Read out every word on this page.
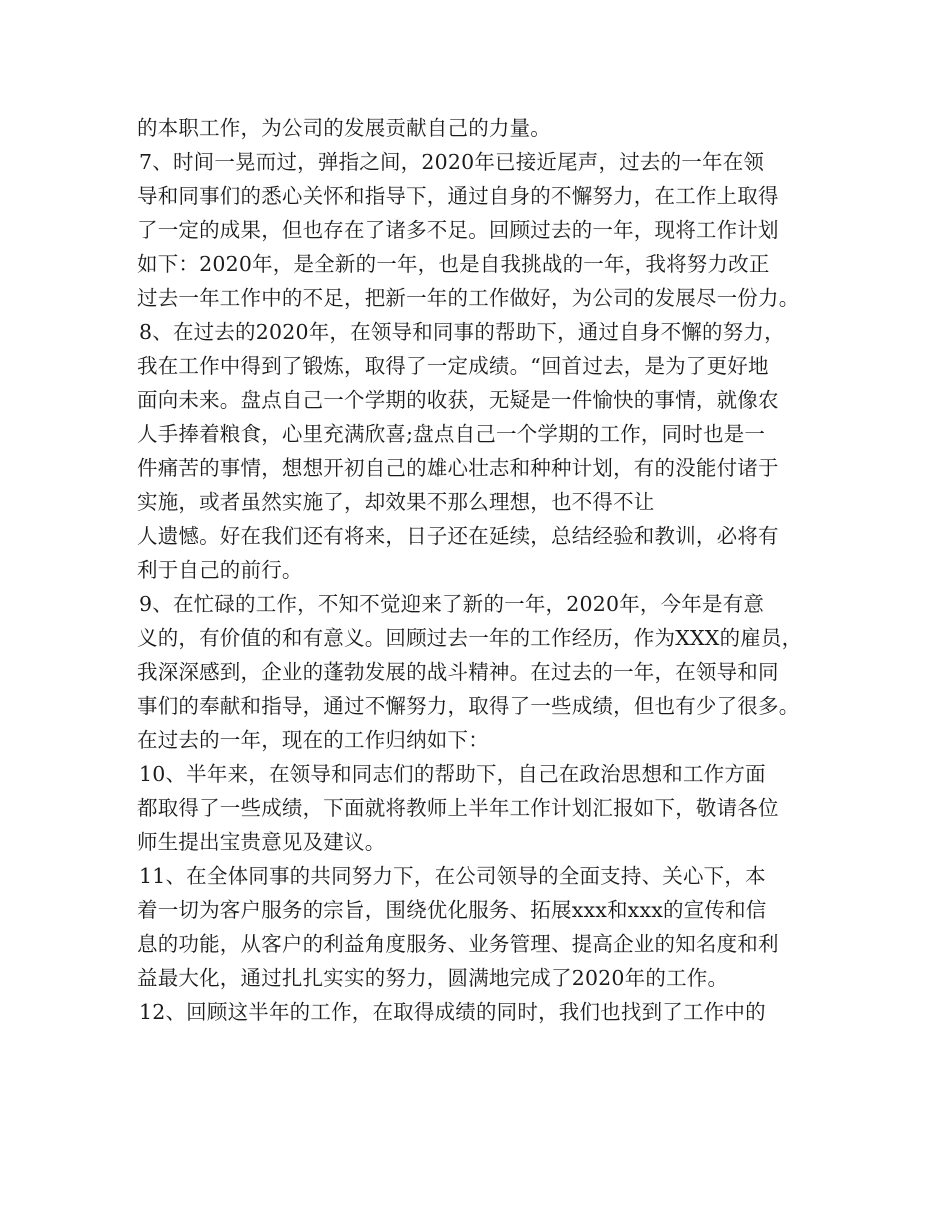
的本职工作，为公司的发展贡献自己的力量。
7、时间一晃而过，弹指之间，2020年已接近尾声，过去的一年在领
导和同事们的悉心关怀和指导下，通过自身的不懈努力，在工作上取得
了一定的成果，但也存在了诸多不足。回顾过去的一年，现将工作计划
如下：2020年，是全新的一年，也是自我挑战的一年，我将努力改正
过去一年工作中的不足，把新一年的工作做好，为公司的发展尽一份力。
8、在过去的2020年，在领导和同事的帮助下，通过自身不懈的努力，
我在工作中得到了锻炼，取得了一定成绩。“回首过去，是为了更好地
面向未来。盘点自己一个学期的收获，无疑是一件愉快的事情，就像农
人手捧着粮食，心里充满欣喜;盘点自己一个学期的工作，同时也是一
件痛苦的事情，想想开初自己的雄心壮志和种种计划，有的没能付诸于
实施，或者虽然实施了，却效果不那么理想，也不得不让
人遗憾。好在我们还有将来，日子还在延续，总结经验和教训，必将有
利于自己的前行。
9、在忙碌的工作，不知不觉迎来了新的一年，2020年，今年是有意
义的，有价值的和有意义。回顾过去一年的工作经历，作为XXX的雇员，
我深深感到，企业的蓬勃发展的战斗精神。在过去的一年，在领导和同
事们的奉献和指导，通过不懈努力，取得了一些成绩，但也有少了很多。
在过去的一年，现在的工作归纳如下：
10、半年来，在领导和同志们的帮助下，自己在政治思想和工作方面
都取得了一些成绩，下面就将教师上半年工作计划汇报如下，敬请各位
师生提出宝贵意见及建议。
11、在全体同事的共同努力下，在公司领导的全面支持、关心下，本
着一切为客户服务的宗旨，围绕优化服务、拓展xxx和xxx的宣传和信
息的功能，从客户的利益角度服务、业务管理、提高企业的知名度和利
益最大化，通过扎扎实实的努力，圆满地完成了2020年的工作。
12、回顾这半年的工作，在取得成绩的同时，我们也找到了工作中的
